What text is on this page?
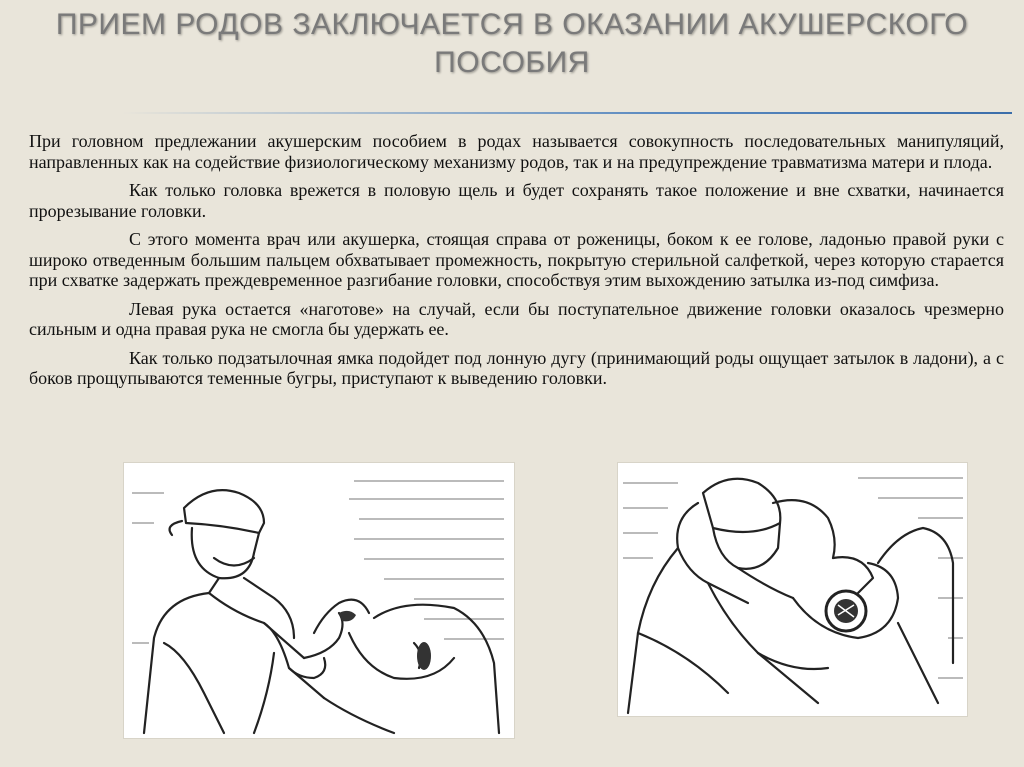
ПРИЕМ РОДОВ ЗАКЛЮЧАЕТСЯ В ОКАЗАНИИ АКУШЕРСКОГО ПОСОБИЯ

При головном предлежании акушерским пособием в родах называется совокупность последовательных манипуляций, направленных как на содействие физиологическому механизму родов, так и на предупреждение травматизма матери и плода.

Как только головка врежется в половую щель и будет сохранять такое положение и вне схватки, начинается прорезывание головки.

С этого момента врач или акушерка, стоящая справа от роженицы, боком к ее голове, ладонью правой руки с широко отведенным большим пальцем обхватывает промежность, покрытую стерильной салфеткой, через которую старается при схватке задержать преждевременное разгибание головки, способствуя этим выхождению затылка из-под симфиза.

Левая рука остается «наготове» на случай, если бы поступательное движение головки оказалось чрезмерно сильным и одна правая рука не смогла бы удержать ее.

Как только подзатылочная ямка подойдет под лонную дугу (принимающий роды ощущает затылок в ладони), а с боков прощупываются теменные бугры, приступают к выведению головки.
